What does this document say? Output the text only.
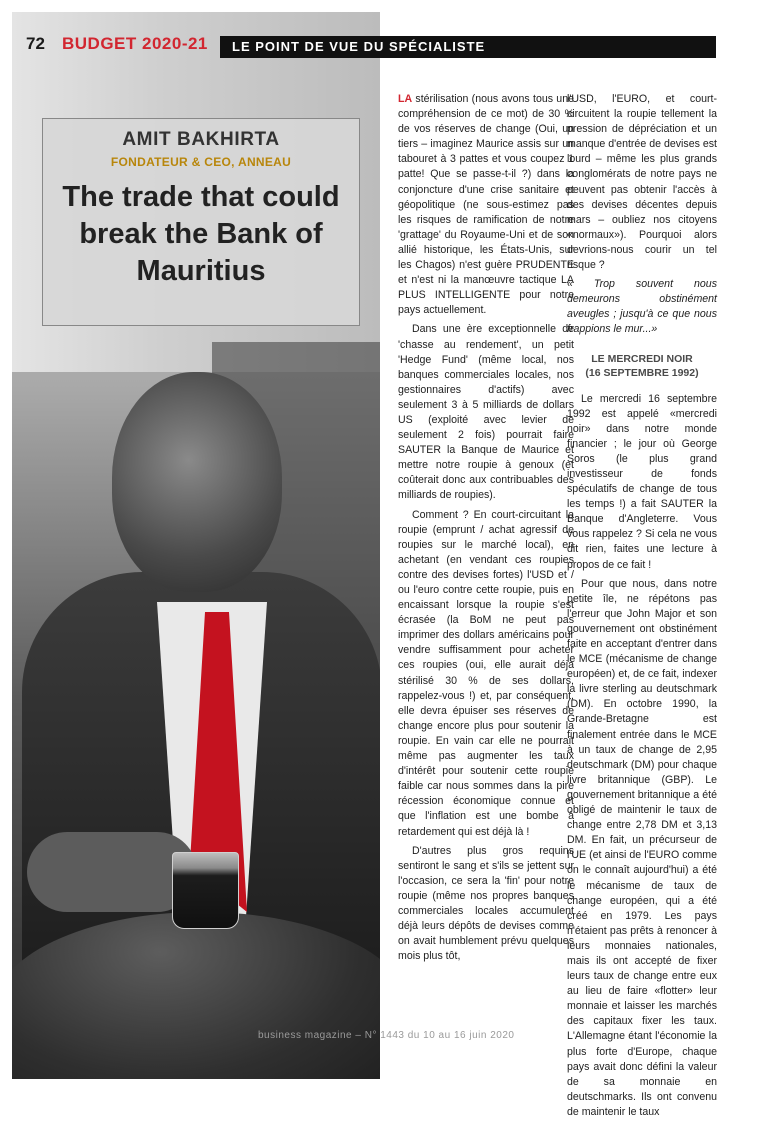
72 BUDGET 2020-21	LE POINT DE VUE DU SPÉCIALISTE
AMIT BAKHIRTA
FONDATEUR & CEO, ANNEAU
The trade that could break the Bank of Mauritius

LA stérilisation (nous avons tous une compréhension de ce mot) de 30 % de vos réserves de change (Oui, un tiers – imaginez Maurice assis sur un tabouret à 3 pattes et vous coupez 1 patte! Que se passe-t-il ?) dans la conjoncture d'une crise sanitaire et géopolitique (ne sous-estimez pas les risques de ramification de notre 'grattage' du Royaume-Uni et de son allié historique, les États-Unis, sur les Chagos) n'est guère PRUDENTE et n'est ni la manœuvre tactique LA PLUS INTELLIGENTE pour notre pays actuellement.

Dans une ère exceptionnelle de 'chasse au rendement', un petit 'Hedge Fund' (même local, nos banques commerciales locales, nos gestionnaires d'actifs) avec seulement 3 à 5 milliards de dollars US (exploité avec levier de seulement 2 fois) pourrait faire SAUTER la Banque de Maurice et mettre notre roupie à genoux (et coûterait donc aux contribuables des milliards de roupies).

Comment ? En court-circuitant la roupie (emprunt / achat agressif de roupies sur le marché local), en achetant (en vendant ces roupies contre des devises fortes) l'USD et / ou l'euro contre cette roupie, puis en encaissant lorsque la roupie s'est écrasée (la BoM ne peut pas imprimer des dollars américains pour vendre suffisamment pour acheter ces roupies (oui, elle aurait déjà stérilisé 30 % de ses dollars, rappelez-vous !) et, par conséquent, elle devra épuiser ses réserves de change encore plus pour soutenir la roupie. En vain car elle ne pourrait même pas augmenter les taux d'intérêt pour soutenir cette roupie faible car nous sommes dans la pire récession économique connue et que l'inflation est une bombe à retardement qui est déjà là !

D'autres plus gros requins sentiront le sang et s'ils se jettent sur l'occasion, ce sera la 'fin' pour notre roupie (même nos propres banques commerciales locales accumulent déjà leurs dépôts de devises comme on avait humblement prévu quelques mois plus tôt,

l'USD, l'EURO, et court-circuitent la roupie tellement la pression de dépréciation et un manque d'entrée de devises est lourd – même les plus grands conglomérats de notre pays ne peuvent pas obtenir l'accès à des devises décentes depuis mars – oubliez nos citoyens «normaux»). Pourquoi alors devrions-nous courir un tel risque ?

« Trop souvent nous demeurons obstinément aveugles ; jusqu'à ce que nous frappions le mur...»

LE MERCREDI NOIR
(16 SEPTEMBRE 1992)

Le mercredi 16 septembre 1992 est appelé «mercredi noir» dans notre monde financier ; le jour où George Soros (le plus grand investisseur de fonds spéculatifs de change de tous les temps !) a fait SAUTER la Banque d'Angleterre. Vous vous rappelez ? Si cela ne vous dit rien, faites une lecture à propos de ce fait !

Pour que nous, dans notre petite île, ne répétons pas l'erreur que John Major et son gouvernement ont obstinément faite en acceptant d'entrer dans le MCE (mécanisme de change européen) et, de ce fait, indexer la livre sterling au deutschmark (DM). En octobre 1990, la Grande-Bretagne est finalement entrée dans le MCE à un taux de change de 2,95 deutschmark (DM) pour chaque livre britannique (GBP). Le gouvernement britannique a été obligé de maintenir le taux de change entre 2,78 DM et 3,13 DM. En fait, un précurseur de l'UE (et ainsi de l'EURO comme on le connaît aujourd'hui) a été le mécanisme de taux de change européen, qui a été créé en 1979. Les pays n'étaient pas prêts à renoncer à leurs monnaies nationales, mais ils ont accepté de fixer leurs taux de change entre eux au lieu de faire «flotter» leur monnaie et laisser les marchés des capitaux fixer les taux. L'Allemagne étant l'économie la plus forte d'Europe, chaque pays avait donc défini la valeur de sa monnaie en deutschmarks. Ils ont convenu de maintenir le taux

business magazine – N° 1443 du 10 au 16 juin 2020
